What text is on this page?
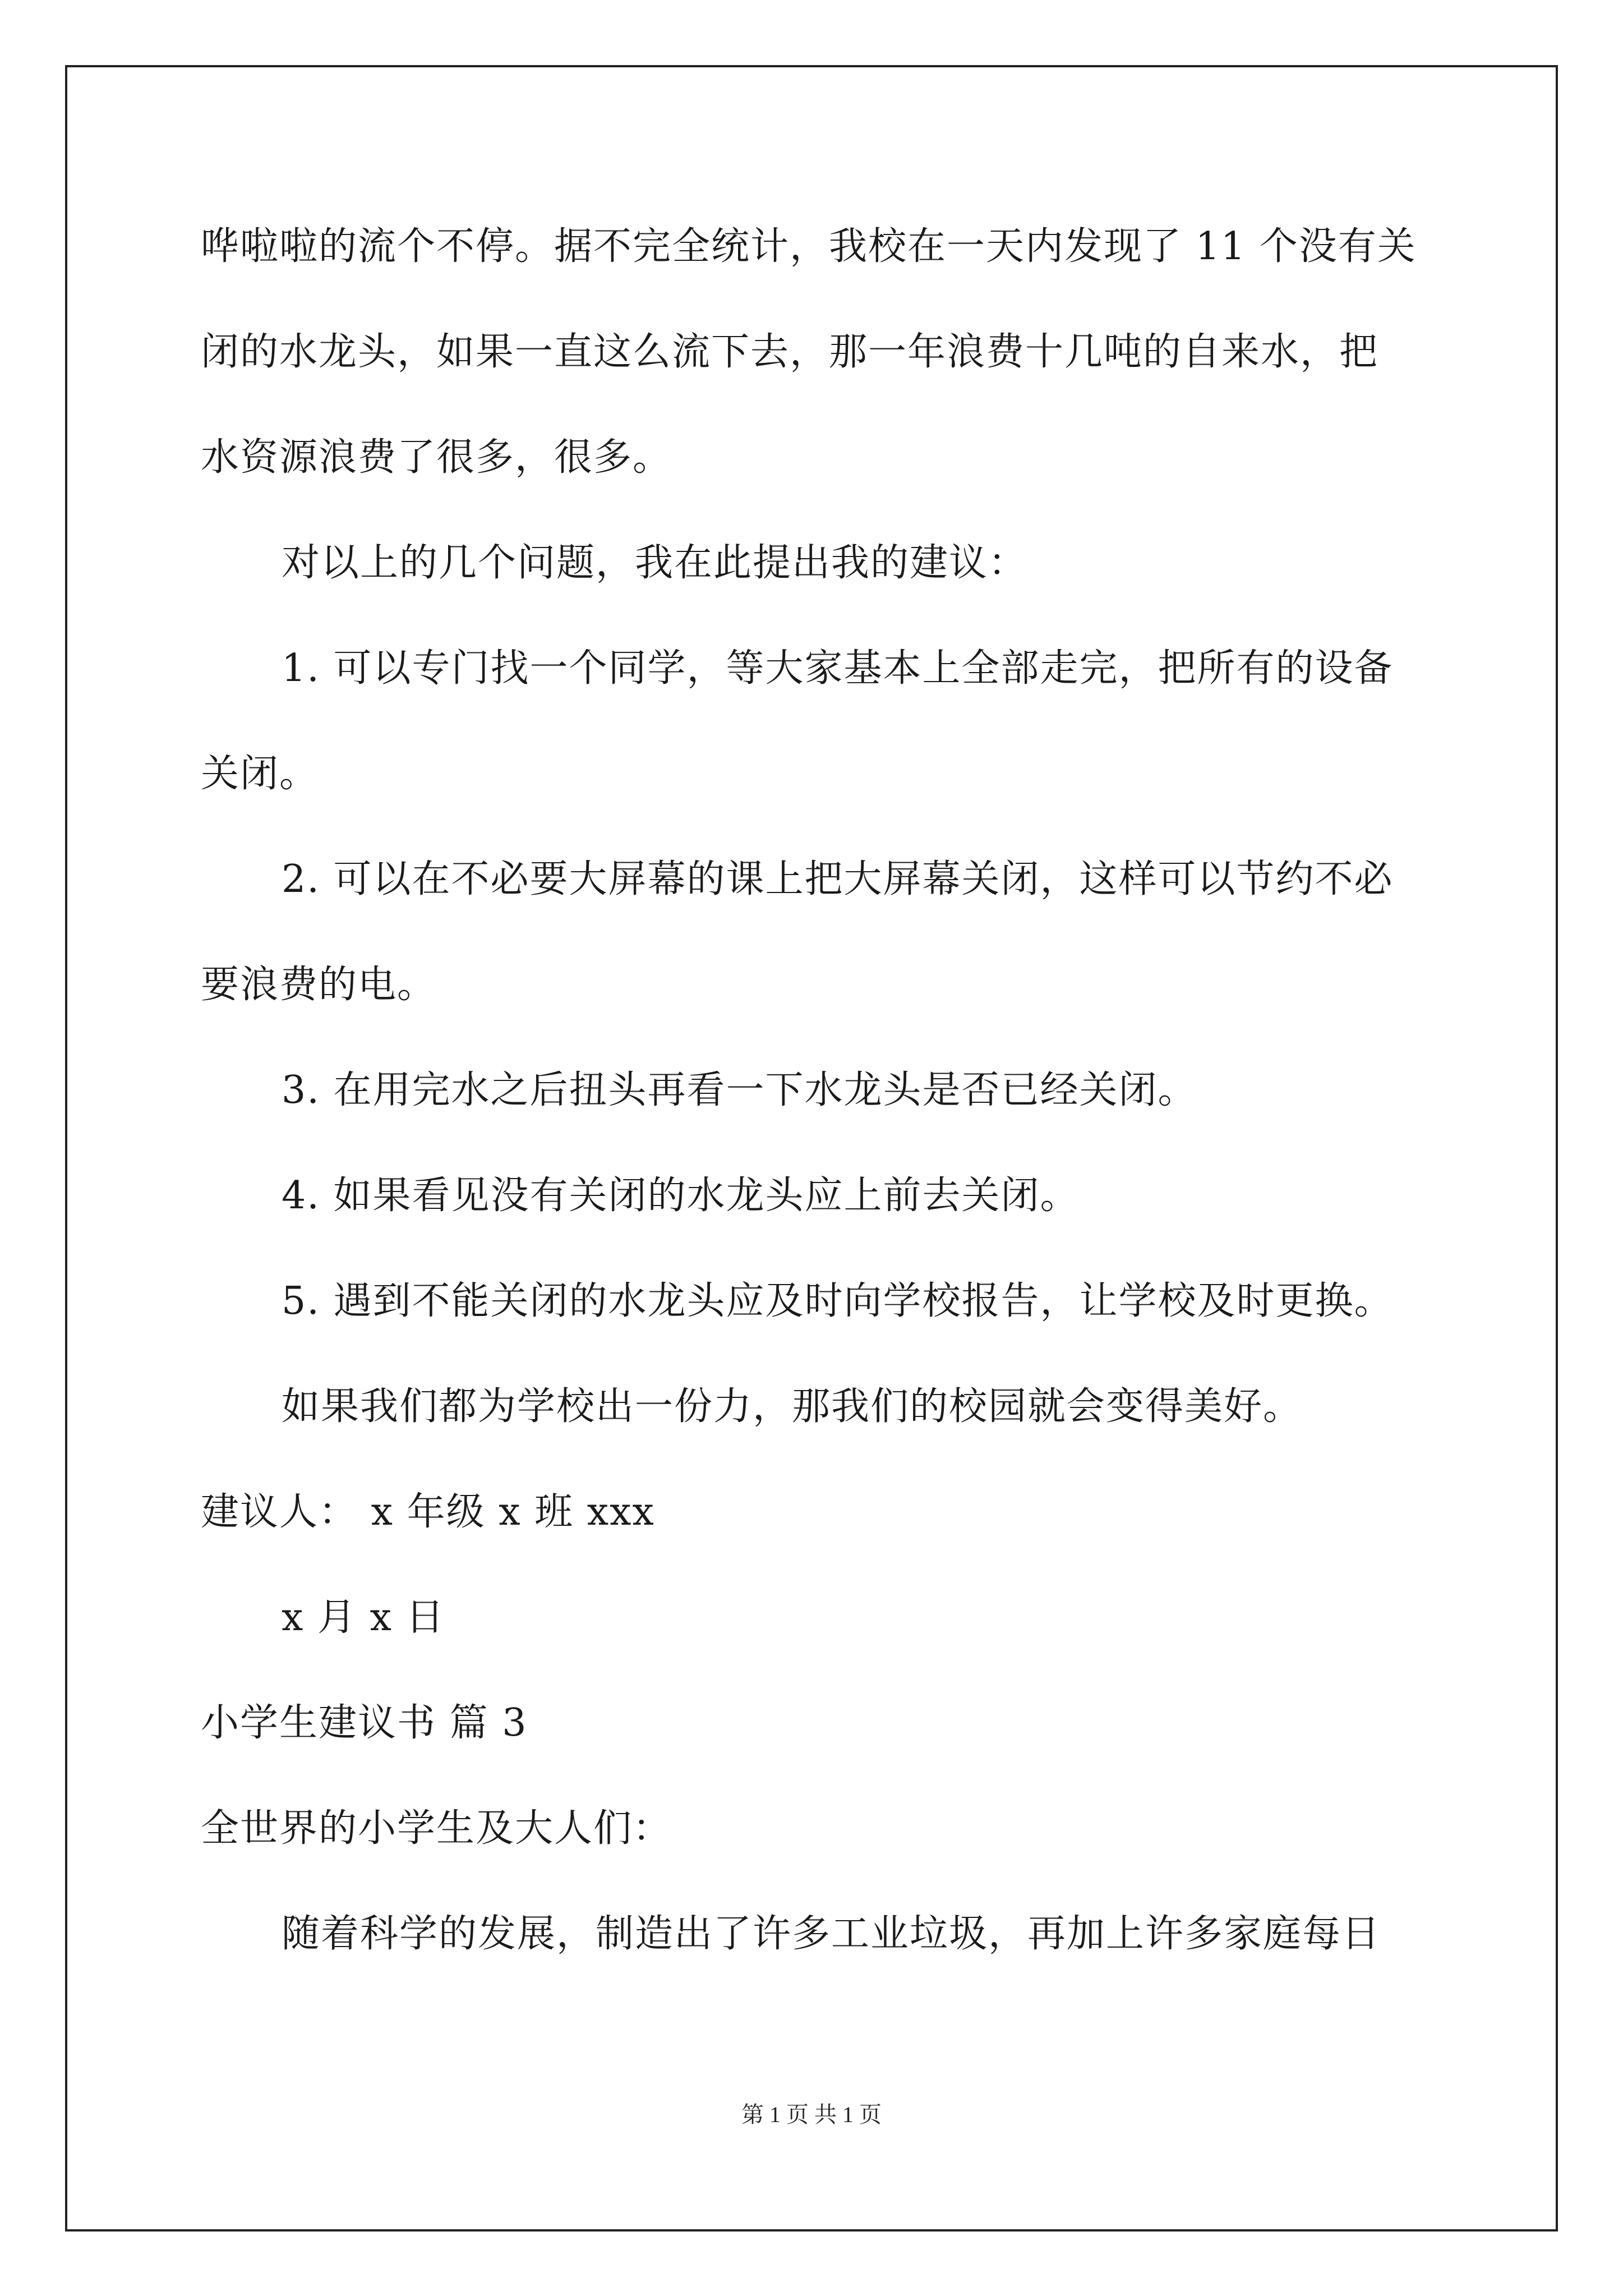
哗啦啦的流个不停。据不完全统计，我校在一天内发现了 11 个没有关
闭的水龙头，如果一直这么流下去，那一年浪费十几吨的自来水，把
水资源浪费了很多，很多。
对以上的几个问题，我在此提出我的建议：
1. 可以专门找一个同学，等大家基本上全部走完，把所有的设备
关闭。
2. 可以在不必要大屏幕的课上把大屏幕关闭，这样可以节约不必
要浪费的电。
3. 在用完水之后扭头再看一下水龙头是否已经关闭。
4. 如果看见没有关闭的水龙头应上前去关闭。
5. 遇到不能关闭的水龙头应及时向学校报告，让学校及时更换。
如果我们都为学校出一份力，那我们的校园就会变得美好。
建议人： x 年级 x 班 xxx
x 月 x 日
小学生建议书 篇 3
全世界的小学生及大人们：
随着科学的发展，制造出了许多工业垃圾，再加上许多家庭每日
第 1 页 共 1 页
